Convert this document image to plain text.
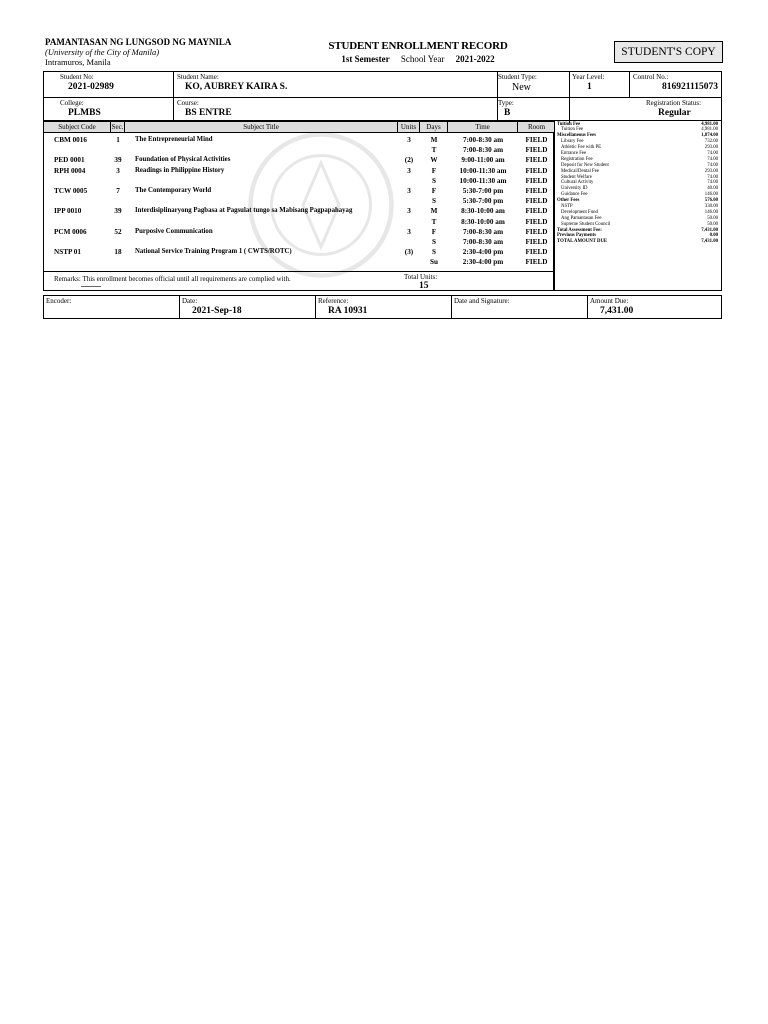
PAMANTASAN NG LUNGSOD NG MAYNILA
(University of the City of Manila)
Intramuros, Manila
STUDENT ENROLLMENT RECORD
1st Semester School Year 2021-2022
STUDENT'S COPY
Student No:
2021-02989
Student Name:
KO, AUBREY KAIRA S.
Student Type:
New
Year Level:
1
Control No.:
816921115073
College:
PLMBS
Course:
BS ENTRE
Type:
B
Registration Status:
Regular
Subject Code	Sec.	Subject Title	Units	Days	Time	Room
CBM 0016	1	The Entrepreneurial Mind	3	M	7:00-8:30 am	FIELD
T	7:00-8:30 am	FIELD
PED 0001	39	Foundation of Physical Activities	(2)	W	9:00-11:00 am	FIELD
RPH 0004	3	Readings in Philippine History	3	F	10:00-11:30 am	FIELD
S	10:00-11:30 am	FIELD
TCW 0005	7	The Contemporary World	3	F	5:30-7:00 pm	FIELD
S	5:30-7:00 pm	FIELD
IPP 0010	39	Interdisiplinaryong Pagbasa at Pagsulat tungo sa Mabisang Pagpapahayag	3	M	8:30-10:00 am	FIELD
T	8:30-10:00 am	FIELD
PCM 0006	52	Purposive Communication	3	F	7:00-8:30 am	FIELD
S	7:00-8:30 am	FIELD
NSTP 01	18	National Service Training Program 1 ( CWTS/ROTC)	(3)	S	2:30-4:00 pm	FIELD
Su	2:30-4:00 pm	FIELD
Remarks: This enrollment becomes official until all requirements are complied with.	Total Units:
15
Tuition Fee	4,981.00
Tuition Fee	4,981.00
Miscellaneous Fees	1,874.00
Library Fee	732.00
Athletic Fee with PE	293.00
Entrance Fee	74.00
Registration Fee	74.00
Deposit for New Student	74.00
Medical/Dental Fee	293.00
Student Welfare	74.00
Cultural Activity	74.00
University ID	40.00
Guidance Fee	146.00
Other Fees	576.00
NSTP	330.00
Development Fund	146.00
Ang Pamantasan Fee	50.00
Supreme Student Council	50.00
Total Assessment Fee:	7,431.00
Previous Payments	0.00
TOTAL AMOUNT DUE	7,431.00
Encoder:	Date:
2021-Sep-18
Reference:
RA 10931
Date and Signature:	Amount Due:
7,431.00
